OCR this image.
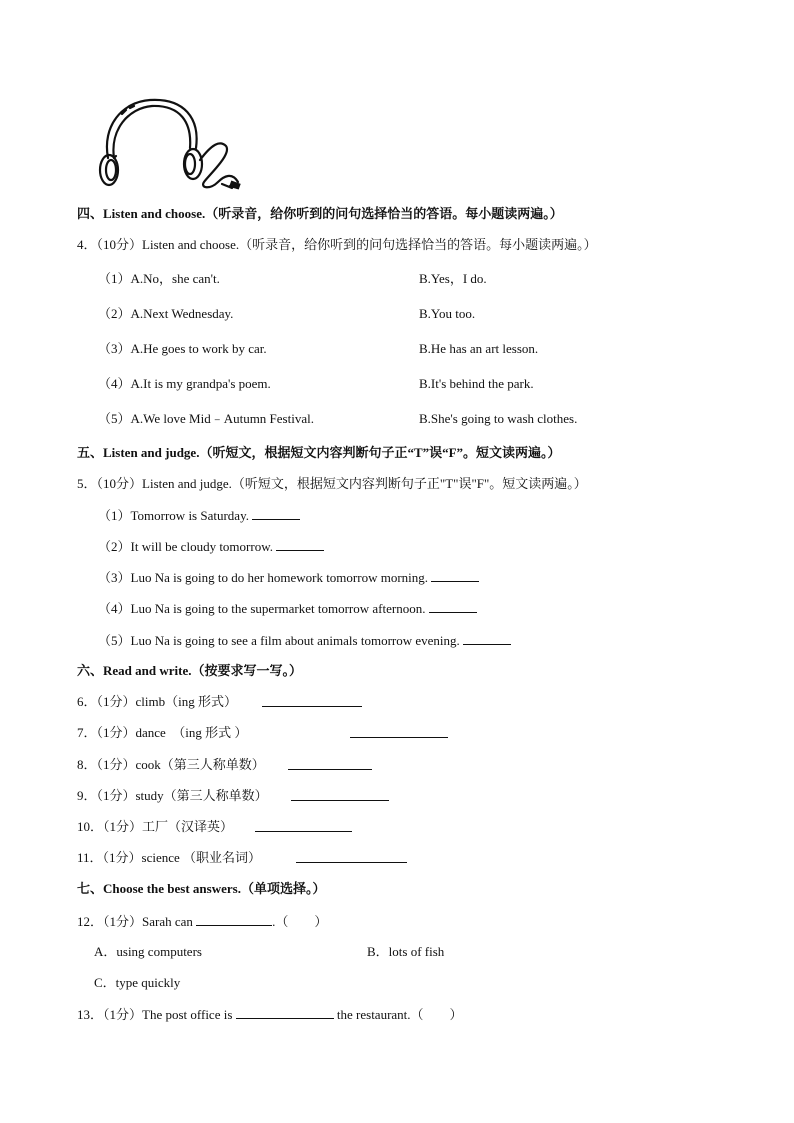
四、Listen and choose.（听录音，给你听到的问句选择恰当的答语。每小题读两遍。）
4．（10分）Listen and choose.（听录音，给你听到的问句选择恰当的答语。每小题读两遍。）
（1）A.No，she can't.	B.Yes，I do.
（2）A.Next Wednesday.	B.You too.
（3）A.He goes to work by car.	B.He has an art lesson.
（4）A.It is my grandpa's poem.	B.It's behind the park.
（5）A.We love Mid﹣Autumn Festival.	B.She's going to wash clothes.
五、Listen and judge.（听短文，根据短文内容判断句子正“T”误“F”。短文读两遍。）
5．（10分）Listen and judge.（听短文，根据短文内容判断句子正"T"误"F"。短文读两遍。）
（1）Tomorrow is Saturday.
（2）It will be cloudy tomorrow.
（3）Luo Na is going to do her homework tomorrow morning.
（4）Luo Na is going to the supermarket tomorrow afternoon.
（5）Luo Na is going to see a film about animals tomorrow evening.
六、Read and write.（按要求写一写。）
6．（1分）climb（ing 形式）
7．（1分）dance　（ing 形式 ）
8．（1分）cook（第三人称单数）
9．（1分）study（第三人称单数）
10．（1分）工厂（汉译英）
11．（1分）science （职业名词）
七、Choose the best answers.（单项选择。）
12．（1分）Sarah can	.（　　）
A．using computers	B．lots of fish
C．type quickly
13．（1分）The post office is	the restaurant.（　　）
